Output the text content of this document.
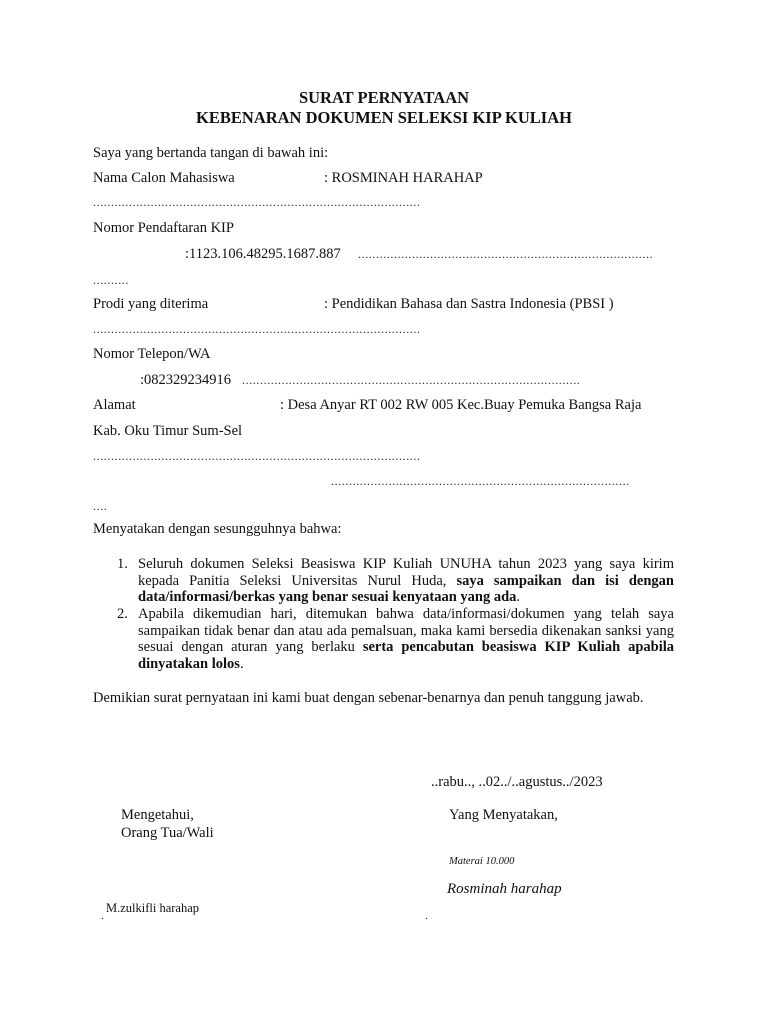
SURAT PERNYATAAN
KEBENARAN DOKUMEN SELEKSI KIP KULIAH
Saya yang bertanda tangan di bawah ini:
Nama Calon Mahasiswa	: ROSMINAH HARAHAP
...........................................................................................
Nomor Pendaftaran KIP
:1123.106.48295.1687.887 ..................................................................................
..........
Prodi yang diterima	: Pendidikan Bahasa dan Sastra Indonesia (PBSI )
...........................................................................................
Nomor Telepon/WA
:082329234916 ..............................................................................................
Alamat	: Desa Anyar RT 002 RW 005 Kec.Buay Pemuka Bangsa Raja
Kab. Oku Timur Sum-Sel
...........................................................................................
...................................................................................
....
Menyatakan dengan sesungguhnya bahwa:
1. Seluruh dokumen Seleksi Beasiswa KIP Kuliah UNUHA tahun 2023 yang saya kirim kepada Panitia Seleksi Universitas Nurul Huda, saya sampaikan dan isi dengan data/informasi/berkas yang benar sesuai kenyataan yang ada.
2. Apabila dikemudian hari, ditemukan bahwa data/informasi/dokumen yang telah saya sampaikan tidak benar dan atau ada pemalsuan, maka kami bersedia dikenakan sanksi yang sesuai dengan aturan yang berlaku serta pencabutan beasiswa KIP Kuliah apabila dinyatakan lolos.
Demikian surat pernyataan ini kami buat dengan sebenar-benarnya dan penuh tanggung jawab.
..rabu.., ..02../..agustus../2023
Mengetahui,
Orang Tua/Wali
Yang Menyatakan,
Materai 10.000
Rosminah harahap
M.zulkifli harahap
.	.
